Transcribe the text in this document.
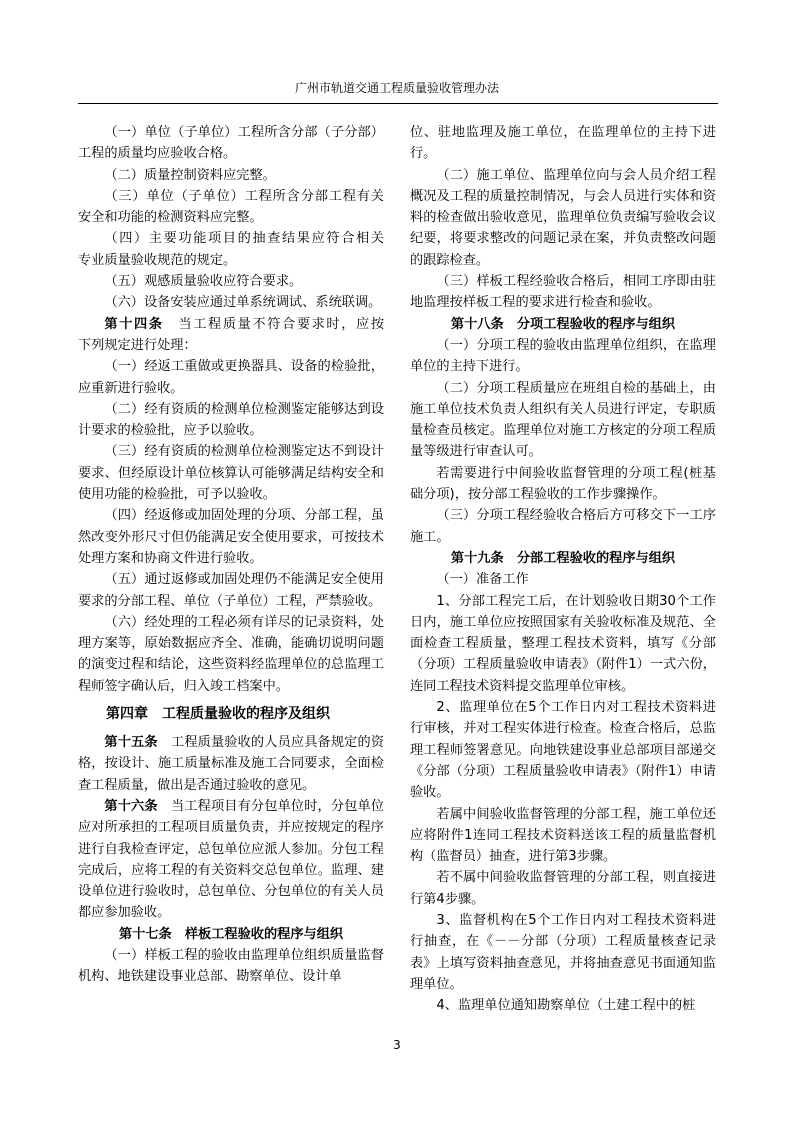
广州市轨道交通工程质量验收管理办法

（一）单位（子单位）工程所含分部（子分部）

工程的质量均应验收合格。

（二）质量控制资料应完整。

（三）单位（子单位）工程所含分部工程有关

安全和功能的检测资料应完整。

（四）主要功能项目的抽查结果应符合相关

专业质量验收规范的规定。

（五）观感质量验收应符合要求。

（六）设备安装应通过单系统调试、系统联调。

第十四条　当工程质量不符合要求时，应按

下列规定进行处理：

（一）经返工重做或更换器具、设备的检验批，

应重新进行验收。

（二）经有资质的检测单位检测鉴定能够达到设计要求的检验批，应予以验收。

（三）经有资质的检测单位检测鉴定达不到设计要求、但经原设计单位核算认可能够满足结构安全和使用功能的检验批，可予以验收。

（四）经返修或加固处理的分项、分部工程，虽然改变外形尺寸但仍能满足安全使用要求，可按技术处理方案和协商文件进行验收。

（五）通过返修或加固处理仍不能满足安全使用要求的分部工程、单位（子单位）工程，严禁验收。

（六）经处理的工程必须有详尽的记录资料，处理方案等，原始数据应齐全、准确，能确切说明问题的演变过程和结论，这些资料经监理单位的总监理工程师签字确认后，归入竣工档案中。

第四章　工程质量验收的程序及组织

第十五条　工程质量验收的人员应具备规定的资格，按设计、施工质量标准及施工合同要求，全面检查工程质量，做出是否通过验收的意见。

第十六条　当工程项目有分包单位时，分包单位应对所承担的工程项目质量负责，并应按规定的程序进行自我检查评定，总包单位应派人参加。分包工程完成后，应将工程的有关资料交总包单位。监理、建设单位进行验收时，总包单位、分包单位的有关人员都应参加验收。

第十七条　样板工程验收的程序与组织

（一）样板工程的验收由监理单位组织质量监督机构、地铁建设事业总部、勘察单位、设计单

位、驻地监理及施工单位，在监理单位的主持下进行。

（二）施工单位、监理单位向与会人员介绍工程概况及工程的质量控制情况，与会人员进行实体和资料的检查做出验收意见，监理单位负责编写验收会议纪要，将要求整改的问题记录在案，并负责整改问题的跟踪检查。

（三）样板工程经验收合格后，相同工序即由驻地监理按样板工程的要求进行检查和验收。

第十八条　分项工程验收的程序与组织

（一）分项工程的验收由监理单位组织，在监理单位的主持下进行。

（二）分项工程质量应在班组自检的基础上，由施工单位技术负责人组织有关人员进行评定，专职质量检查员核定。监理单位对施工方核定的分项工程质量等级进行审查认可。

若需要进行中间验收监督管理的分项工程(桩基础分项)，按分部工程验收的工作步骤操作。

（三）分项工程经验收合格后方可移交下一工序施工。

第十九条　分部工程验收的程序与组织

（一）准备工作

1、分部工程完工后，在计划验收日期30个工作日内，施工单位应按照国家有关验收标准及规范、全面检查工程质量，整理工程技术资料，填写《分部（分项）工程质量验收申请表》（附件1）一式六份，连同工程技术资料提交监理单位审核。

2、监理单位在5个工作日内对工程技术资料进行审核，并对工程实体进行检查。检查合格后，总监理工程师签署意见。向地铁建设事业总部项目部递交《分部（分项）工程质量验收申请表》（附件1）申请验收。

若属中间验收监督管理的分部工程，施工单位还应将附件1连同工程技术资料送该工程的质量监督机构（监督员）抽查，进行第3步骤。

若不属中间验收监督管理的分部工程，则直接进行第4步骤。

3、监督机构在5个工作日内对工程技术资料进行抽查，在《－－分部（分项）工程质量核查记录表》上填写资料抽查意见，并将抽查意见书面通知监理单位。

4、监理单位通知勘察单位（土建工程中的桩

3
